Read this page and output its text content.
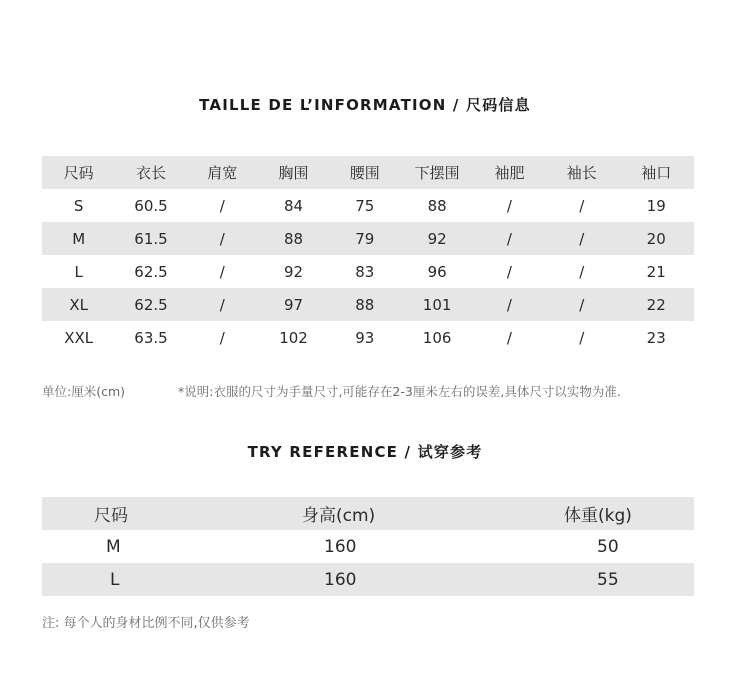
TAILLE DE L’INFORMATION / 尺码信息
尺码	衣长	肩宽	胸围	腰围	下摆围	袖肥	袖长	袖口
S	60.5	/	84	75	88	/	/	19
M	61.5	/	88	79	92	/	/	20
L	62.5	/	92	83	96	/	/	21
XL	62.5	/	97	88	101	/	/	22
XXL	63.5	/	102	93	106	/	/	23
单位:厘米(cm)	*说明:衣服的尺寸为手量尺寸,可能存在2-3厘米左右的误差,具体尺寸以实物为准.
TRY REFERENCE / 试穿参考
尺码	身高(cm)	体重(kg)
M	160	50
L	160	55
注: 每个人的身材比例不同,仅供参考
